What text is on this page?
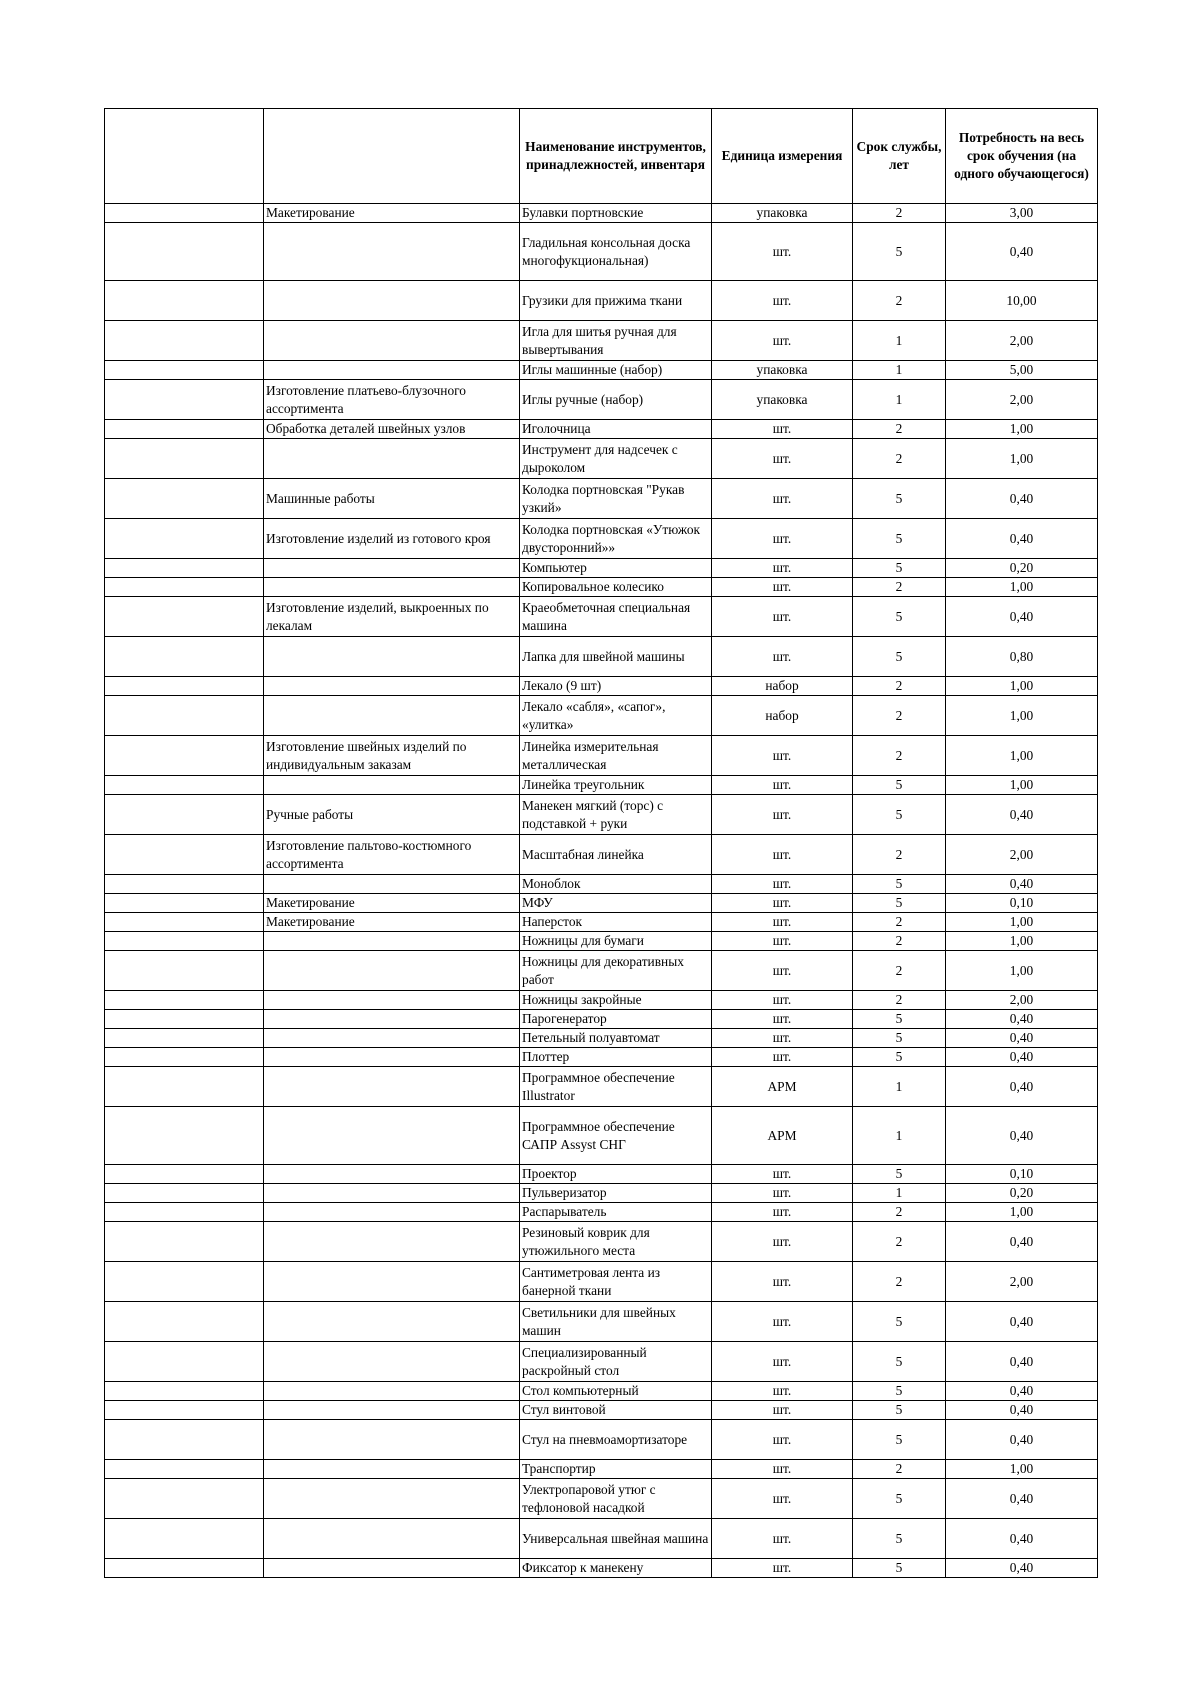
		Наименование инструментов, принадлежностей, инвентаря	Единица измерения	Срок службы, лет	Потребность на весь срок обучения (на одного обучающегося)
	Макетирование	Булавки портновские	упаковка	2	3,00
		Гладильная консольная доска многофукциональная)	шт.	5	0,40
		Грузики для прижима ткани	шт.	2	10,00
		Игла для шитья ручная для вывертывания	шт.	1	2,00
		Иглы машинные (набор)	упаковка	1	5,00
	Изготовление платьево-блузочного ассортимента	Иглы ручные (набор)	упаковка	1	2,00
	Обработка деталей швейных узлов	Иголочница	шт.	2	1,00
		Инструмент для надсечек с дыроколом	шт.	2	1,00
	Машинные работы	Колодка портновская "Рукав узкий»	шт.	5	0,40
	Изготовление изделий из готового кроя	Колодка портновская «Утюжок двусторонний»»	шт.	5	0,40
		Компьютер	шт.	5	0,20
		Копировальное колесико	шт.	2	1,00
	Изготовление изделий, выкроенных по лекалам	Краеобметочная специальная машина	шт.	5	0,40
		Лапка для швейной машины	шт.	5	0,80
		Лекало (9 шт)	набор	2	1,00
		Лекало «сабля», «сапог», «улитка»	набор	2	1,00
	Изготовление швейных изделий по индивидуальным заказам	Линейка измерительная металлическая	шт.	2	1,00
		Линейка треугольник	шт.	5	1,00
	Ручные работы	Манекен мягкий (торс) с подставкой + руки	шт.	5	0,40
	Изготовление пальтово-костюмного ассортимента	Масштабная линейка	шт.	2	2,00
		Моноблок	шт.	5	0,40
	Макетирование	МФУ	шт.	5	0,10
	Макетирование	Наперсток	шт.	2	1,00
		Ножницы для бумаги	шт.	2	1,00
		Ножницы для декоративных работ	шт.	2	1,00
		Ножницы закройные	шт.	2	2,00
		Парогенератор	шт.	5	0,40
		Петельный полуавтомат	шт.	5	0,40
		Плоттер	шт.	5	0,40
		Программное обеспечение Illustrator	АРМ	1	0,40
		Программное обеспечение САПР Assyst СНГ	АРМ	1	0,40
		Проектор	шт.	5	0,10
		Пульверизатор	шт.	1	0,20
		Распарыватель	шт.	2	1,00
		Резиновый коврик для утюжильного места	шт.	2	0,40
		Сантиметровая лента из банерной ткани	шт.	2	2,00
		Светильники для швейных машин	шт.	5	0,40
		Специализированный раскройный стол	шт.	5	0,40
		Стол компьютерный	шт.	5	0,40
		Стул винтовой	шт.	5	0,40
		Стул на пневмоамортизаторе	шт.	5	0,40
		Транспортир	шт.	2	1,00
		Улектропаровой утюг с тефлоновой насадкой	шт.	5	0,40
		Универсальная швейная машина	шт.	5	0,40
		Фиксатор к манекену	шт.	5	0,40
